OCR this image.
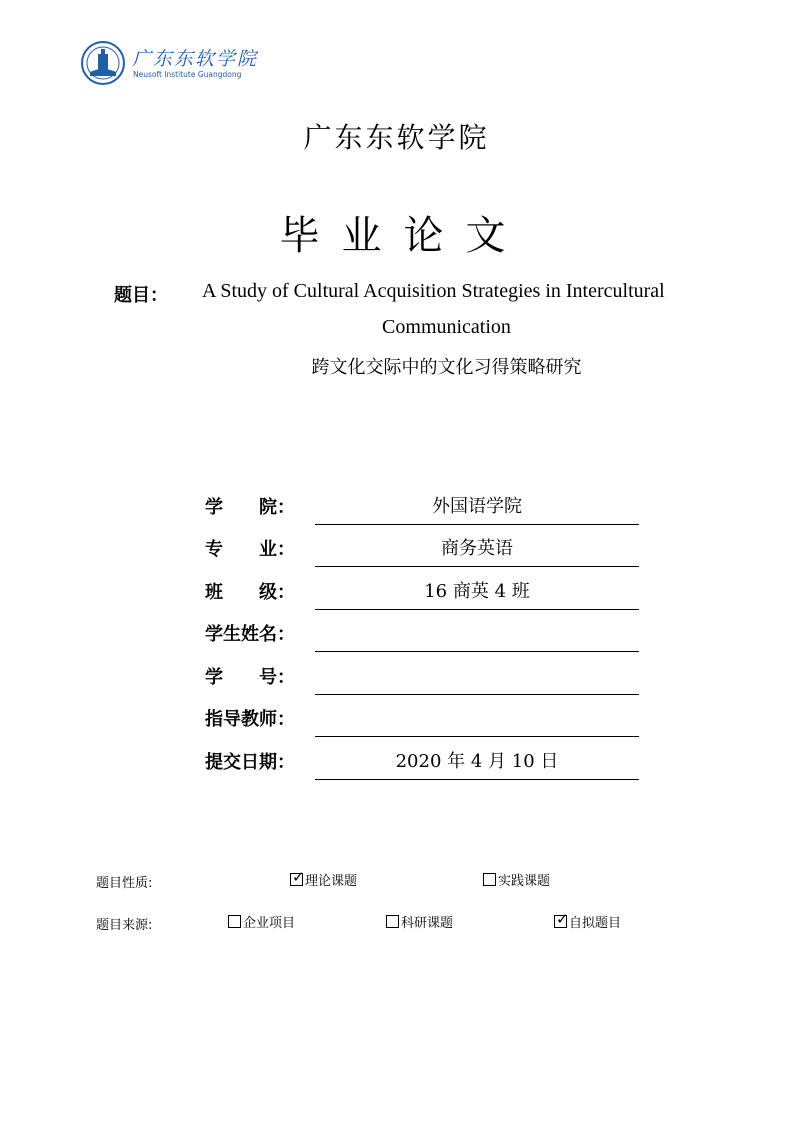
广东东软学院
Neusoft Institute Guangdong
广东东软学院
毕业论文
题目： A Study of Cultural Acquisition Strategies in Intercultural
Communication
跨文化交际中的文化习得策略研究
学　　院：	外国语学院
专　　业：	商务英语
班　　级：	16 商英 4 班
学生姓名：
学　　号：
指导教师：
提交日期：	2020 年 4 月 10 日
题目性质:	✓ 理论课题	实践课题
题目来源:	企业项目	科研课题	✓ 自拟题目
